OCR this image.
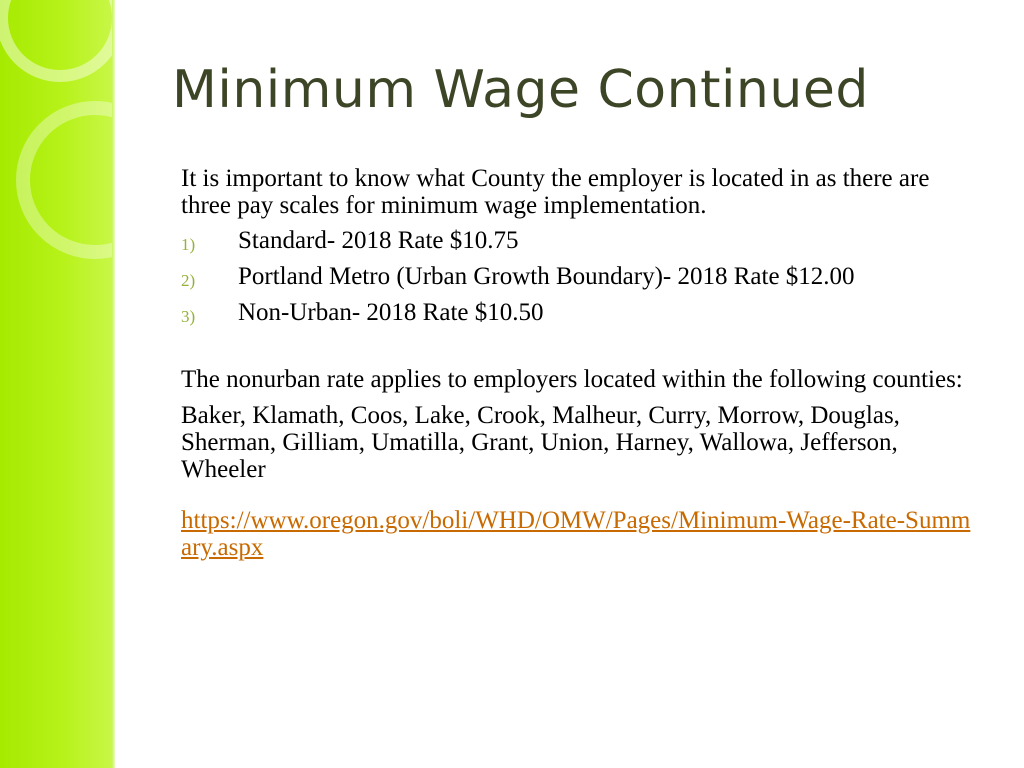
Minimum Wage Continued

It is important to know what County the employer is located in as there are three pay scales for minimum wage implementation.

1) Standard- 2018 Rate $10.75
2) Portland Metro (Urban Growth Boundary)- 2018 Rate $12.00
3) Non-Urban- 2018 Rate $10.50

The nonurban rate applies to employers located within the following counties:

Baker, Klamath, Coos, Lake, Crook, Malheur, Curry, Morrow, Douglas, Sherman, Gilliam, Umatilla, Grant, Union, Harney, Wallowa, Jefferson, Wheeler

https://www.oregon.gov/boli/WHD/OMW/Pages/Minimum-Wage-Rate-Summary.aspx
